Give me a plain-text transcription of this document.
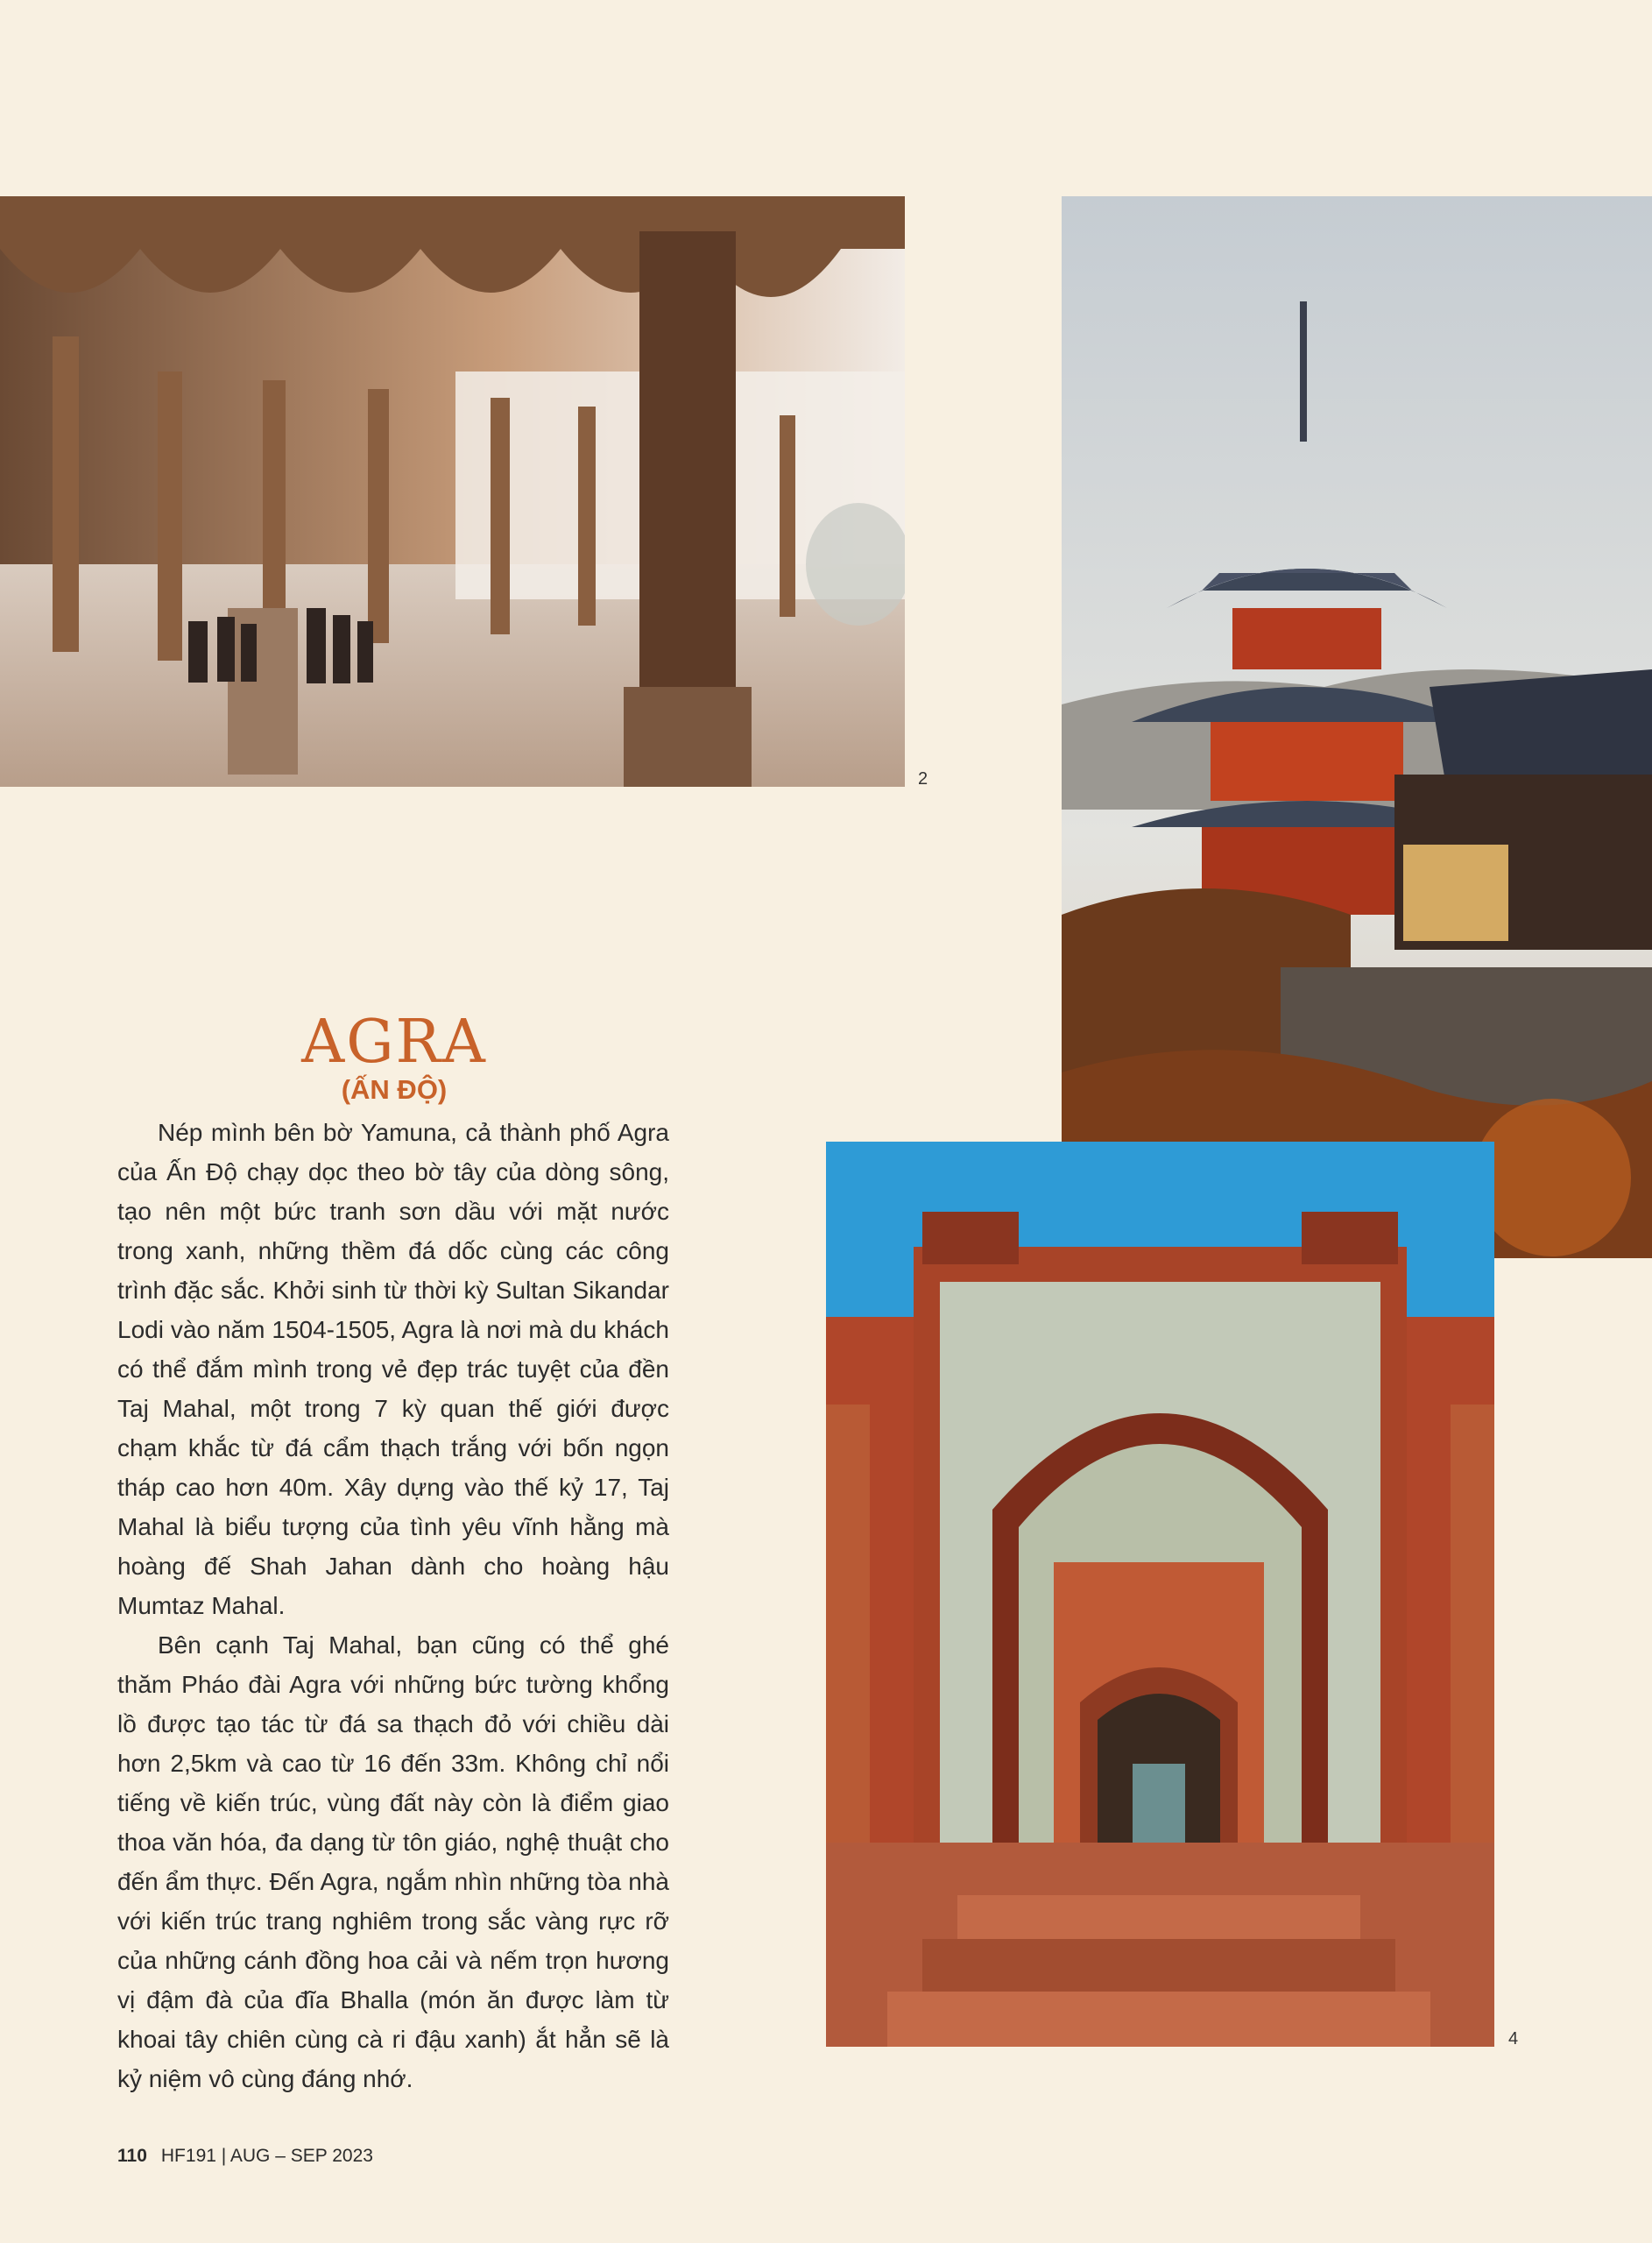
2
4
AGRA
(ẤN ĐỘ)

Nép mình bên bờ Yamuna, cả thành phố Agra của Ấn Độ chạy dọc theo bờ tây của dòng sông, tạo nên một bức tranh sơn dầu với mặt nước trong xanh, những thềm đá dốc cùng các công trình đặc sắc. Khởi sinh từ thời kỳ Sultan Sikandar Lodi vào năm 1504-1505, Agra là nơi mà du khách có thể đắm mình trong vẻ đẹp trác tuyệt của đền Taj Mahal, một trong 7 kỳ quan thế giới được chạm khắc từ đá cẩm thạch trắng với bốn ngọn tháp cao hơn 40m. Xây dựng vào thế kỷ 17, Taj Mahal là biểu tượng của tình yêu vĩnh hằng mà hoàng đế Shah Jahan dành cho hoàng hậu Mumtaz Mahal.

Bên cạnh Taj Mahal, bạn cũng có thể ghé thăm Pháo đài Agra với những bức tường khổng lồ được tạo tác từ đá sa thạch đỏ với chiều dài hơn 2,5km và cao từ 16 đến 33m. Không chỉ nổi tiếng về kiến trúc, vùng đất này còn là điểm giao thoa văn hóa, đa dạng từ tôn giáo, nghệ thuật cho đến ẩm thực. Đến Agra, ngắm nhìn những tòa nhà với kiến trúc trang nghiêm trong sắc vàng rực rỡ của những cánh đồng hoa cải và nếm trọn hương vị đậm đà của đĩa Bhalla (món ăn được làm từ khoai tây chiên cùng cà ri đậu xanh) ắt hẳn sẽ là kỷ niệm vô cùng đáng nhớ.

110 HF191 | AUG – SEP 2023
